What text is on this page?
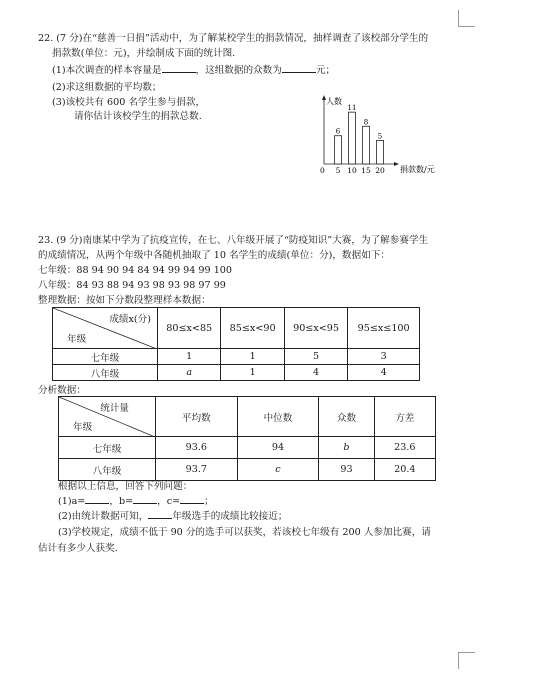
22. (7 分)在“慈善一日捐”活动中，为了解某校学生的捐款情况，抽样调查了该校部分学生的
捐款数(单位：元)，并绘制成下面的统计图.
(1)本次调查的样本容量是	，这组数据的众数为	元；
(2)求这组数据的平均数；
(3)该校共有 600 名学生参与捐款，
请你估计该校学生的捐款总数.
人数
捐款数/元
0
6
5
11
10
8
15
5
20
23. (9 分)南康某中学为了抗疫宣传，在七、八年级开展了“防疫知识”大赛，为了解参赛学生
的成绩情况，从两个年级中各随机抽取了 10 名学生的成绩(单位：分)，数据如下：
七年级：88 94 90 94 84 94 99 94 99 100
八年级：84 93 88 94 93 98 93 98 97 99
整理数据：按如下分数段整理样本数据：
成绩x(分)
年级	80≤x<85	85≤x<90	90≤x<95	95≤x≤100
七年级	1	1	5	3
八年级	a	1	4	4
分析数据：
统计量
年级	平均数	中位数	众数	方差
七年级	93.6	94	b	23.6
八年级	93.7	c	93	20.4
根据以上信息，回答下列问题：
(1)a=	，b=	，c=	；
(2)由统计数据可知，	年级选手的成绩比较接近；
(3)学校规定，成绩不低于 90 分的选手可以获奖，若该校七年级有 200 人参加比赛，请
估计有多少人获奖.
